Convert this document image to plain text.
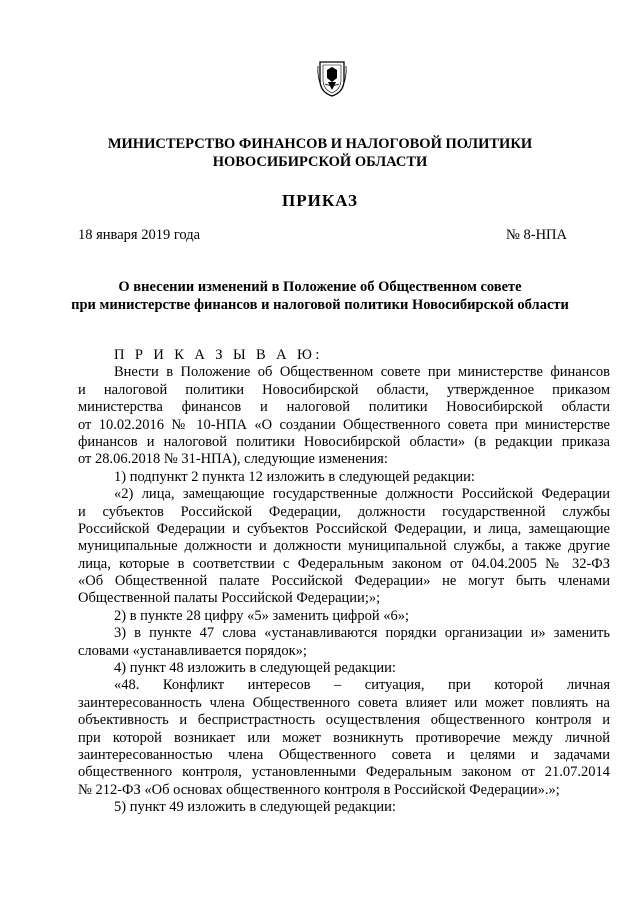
МИНИСТЕРСТВО ФИНАНСОВ И НАЛОГОВОЙ ПОЛИТИКИ
НОВОСИБИРСКОЙ ОБЛАСТИ
ПРИКАЗ
18 января 2019 года	№ 8-НПА
О внесении изменений в Положение об Общественном совете
при министерстве финансов и налоговой политики Новосибирской области
П Р И К А З Ы В А Ю:
Внести в Положение об Общественном совете при министерстве финансов
и налоговой политики Новосибирской области, утвержденное приказом
министерства финансов и налоговой политики Новосибирской области
от 10.02.2016 № 10-НПА «О создании Общественного совета при министерстве
финансов и налоговой политики Новосибирской области» (в редакции приказа
от 28.06.2018 № 31-НПА), следующие изменения:
1) подпункт 2 пункта 12 изложить в следующей редакции:
«2) лица, замещающие государственные должности Российской Федерации
и субъектов Российской Федерации, должности государственной службы
Российской Федерации и субъектов Российской Федерации, и лица, замещающие
муниципальные должности и должности муниципальной службы, а также другие
лица, которые в соответствии с Федеральным законом от 04.04.2005 № 32-ФЗ
«Об Общественной палате Российской Федерации» не могут быть членами
Общественной палаты Российской Федерации;»;
2) в пункте 28 цифру «5» заменить цифрой «6»;
3) в пункте 47 слова «устанавливаются порядки организации и» заменить
словами «устанавливается порядок»;
4) пункт 48 изложить в следующей редакции:
«48. Конфликт интересов – ситуация, при которой личная
заинтересованность члена Общественного совета влияет или может повлиять на
объективность и беспристрастность осуществления общественного контроля и
при которой возникает или может возникнуть противоречие между личной
заинтересованностью члена Общественного совета и целями и задачами
общественного контроля, установленными Федеральным законом от 21.07.2014
№ 212-ФЗ «Об основах общественного контроля в Российской Федерации».»;
5) пункт 49 изложить в следующей редакции:
